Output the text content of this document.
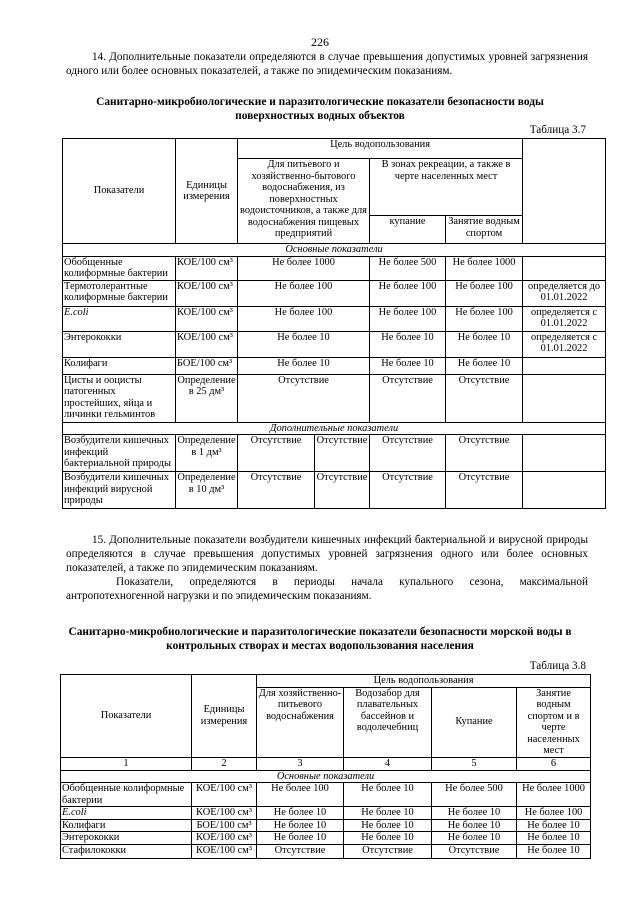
226
14. Дополнительные показатели определяются в случае превышения допустимых уровней загрязнения одного или более основных показателей, а также по эпидемическим показаниям.
Санитарно-микробиологические и паразитологические показатели безопасности воды поверхностных водных объектов
Таблица 3.7
Показатели	Единицы измерения	Цель водопользования				
		Для питьевого и хозяйственно-бытового водоснабжения, из поверхностных водоисточников, а также для водоснабжения пищевых предприятий		В зонах рекреации, а также в черте населенных мест		
				купание	Занятие водным спортом	
Основные показатели						
Обобщенные колиформные бактерии	КОЕ/100 см³	Не более 1000		Не более 500	Не более 1000	
Термотолерантные колиформные бактерии	КОЕ/100 см³	Не более 100		Не более 100	Не более 100	определяется до 01.01.2022
E.coli	КОЕ/100 см³	Не более 100		Не более 100	Не более 100	определяется с 01.01.2022
Энтерококки	КОЕ/100 см³	Не более 10		Не более 10	Не более 10	определяется с 01.01.2022
Колифаги	БОЕ/100 см³	Не более 10		Не более 10	Не более 10	
Цисты и ооцисты патогенных простейших, яйца и личинки гельминтов	Определение в 25 дм³	Отсутствие		Отсутствие	Отсутствие	
Дополнительные показатели						
Возбудители кишечных инфекций бактериальной природы	Определение в 1 дм³	Отсутствие	Отсутствие	Отсутствие	Отсутствие	
Возбудители кишечных инфекций вирусной природы	Определение в 10 дм³	Отсутствие	Отсутствие	Отсутствие	Отсутствие	
15. Дополнительные показатели возбудители кишечных инфекций бактериальной и вирусной природы определяются в случае превышения допустимых уровней загрязнения одного или более основных показателей, а также по эпидемическим показаниям.
Показатели, определяются в периоды начала купального сезона, максимальной антропотехногенной нагрузки и по эпидемическим показаниям.
Санитарно-микробиологические и паразитологические показатели безопасности морской воды в контрольных створах и местах водопользования населения
Таблица 3.8
Показатели	Единицы измерения	Цель водопользования			
		Для хозяйственно-питьевого водоснабжения	Водозабор для плавательных бассейнов и водолечебниц	Купание	Занятие водным спортом и в черте населенных мест
1	2	3	4	5	6
Основные показатели					
Обобщенные колиформные бактерии	КОЕ/100 см³	Не более 100	Не более 10	Не более 500	Не более 1000
E.coli	КОЕ/100 см³	Не более 10	Не более 10	Не более 10	Не более 100
Колифаги	БОЕ/100 см³	Не более 10	Не более 10	Не более 10	Не более 10
Энтерококки	КОЕ/100 см³	Не более 10	Не более 10	Не более 10	Не более 10
Стафилококки	КОЕ/100 см³	Отсутствие	Отсутствие	Отсутствие	Не более 10
